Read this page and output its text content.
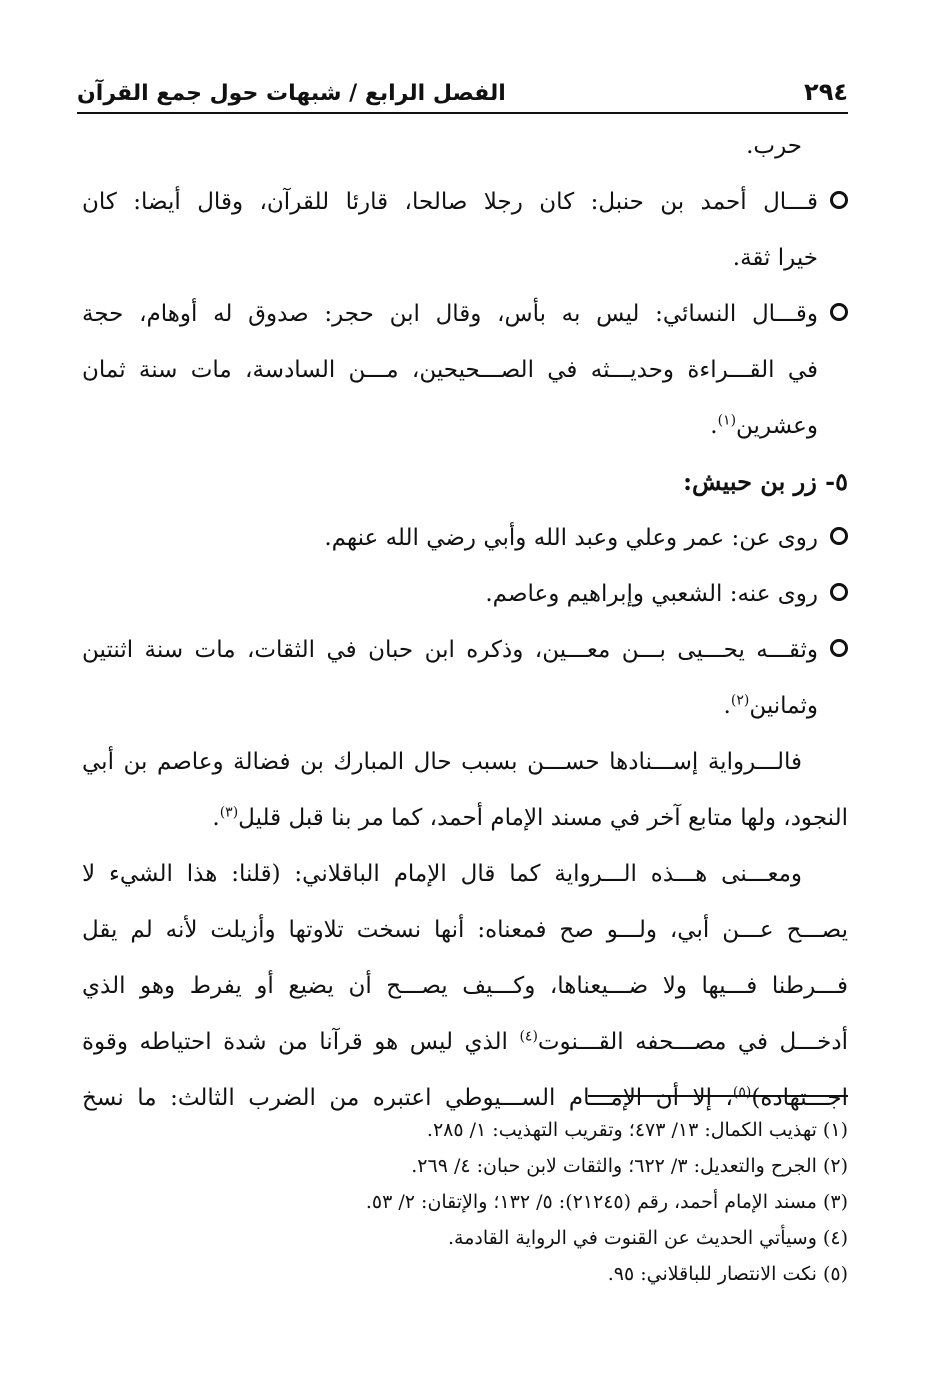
٢٩٤
الفصل الرابع / شبهات حول جمع القرآن
حرب.
قـــال أحمد بن حنبل: كان رجلا صالحا، قارئا للقرآن، وقال أيضا: كان
خيرا ثقة.
وقـــال النسائي: ليس به بأس، وقال ابن حجر: صدوق له أوهام، حجة
في القـــراءة وحديـــثه في الصـــحيحين، مـــن السادسة، مات سنة ثمان
وعشرين$^{(١)}$.
٥- زر بن حبيش:
روى عن: عمر وعلي وعبد الله وأبي رضي الله عنهم.
روى عنه: الشعبي وإبراهيم وعاصم.
وثقـــه يحـــيى بـــن معـــين، وذكره ابن حبان في الثقات، مات سنة اثنتين
وثمانين$^{(٢)}$.
فالـــرواية إســـنادها حســـن بسبب حال المبارك بن فضالة وعاصم بن أبي
النجود، ولها متابع آخر في مسند الإمام أحمد، كما مر بنا قبل قليل$^{(٣)}$.
ومعـــنى هـــذه الـــرواية كما قال الإمام الباقلاني: (قلنا: هذا الشيء لا
يصـــح عـــن أبي، ولـــو صح فمعناه: أنها نسخت تلاوتها وأزيلت لأنه لم يقل
فـــرطنا فـــيها ولا ضـــيعناها، وكـــيف يصـــح أن يضيع أو يفرط وهو الذي
أدخـــل في مصـــحفه القـــنوت$^{(٤)}$ الذي ليس هو قرآنا من شدة احتياطه وقوة
اجـــتهاده)$^{(٥)}$، إلا أن الإمـــام الســـيوطي اعتبره من الضرب الثالث: ما نسخ
(١) تهذيب الكمال: ١٣/ ٤٧٣؛ وتقريب التهذيب: ١/ ٢٨٥.
(٢) الجرح والتعديل: ٣/ ٦٢٢؛ والثقات لابن حبان: ٤/ ٢٦٩.
(٣) مسند الإمام أحمد، رقم (٢١٢٤٥): ٥/ ١٣٢؛ والإتقان: ٢/ ٥٣.
(٤) وسيأتي الحديث عن القنوت في الرواية القادمة.
(٥) نكت الانتصار للباقلاني: ٩٥.
